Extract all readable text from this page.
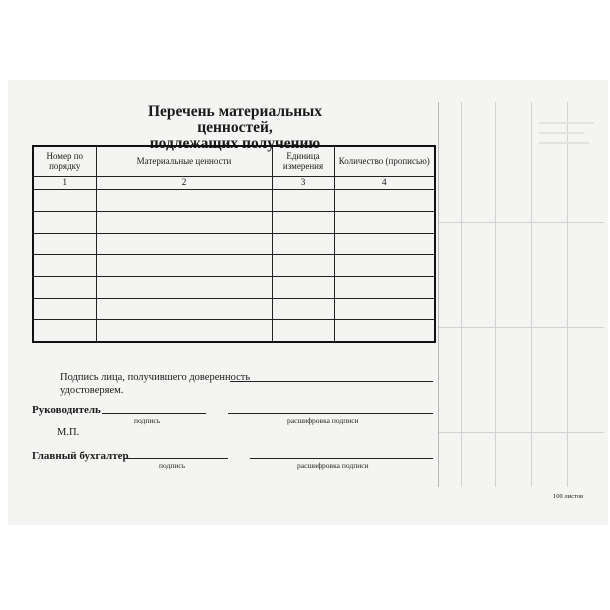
Перечень материальных ценностей,
подлежащих получению
Номер по порядку	Материальные ценности	Единица измерения	Количество (прописью)
1	2	3	4

Подпись лица, получившего доверенность
удостоверяем.
Руководитель
подпись	расшифровка подписи
М.П.
Главный бухгалтер
подпись	расшифровка подписи
100 листов
